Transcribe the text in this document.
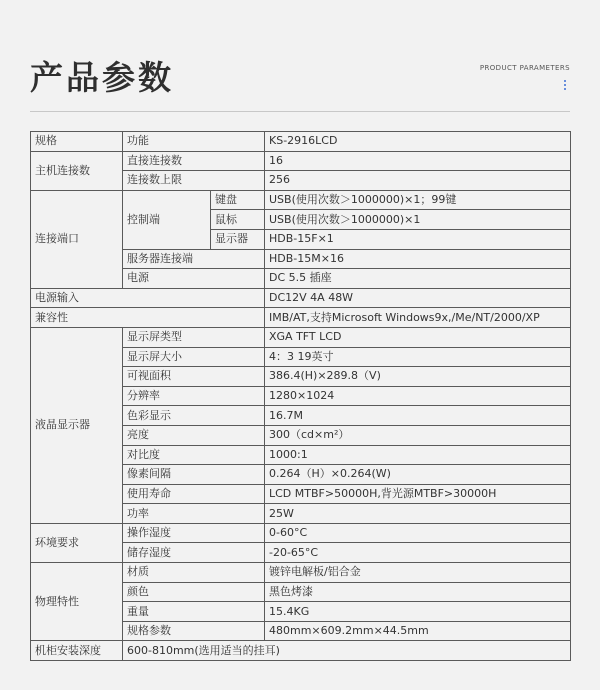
产品参数	PRODUCT PARAMETERS
规格	功能		KS-2916LCD
主机连接数	直接连接数		16
	连接数上限		256
连接端口	控制端	键盘	USB(使用次数＞1000000)×1；99键
		鼠标	USB(使用次数＞1000000)×1
		显示器	HDB-15F×1
	服务器连接端		HDB-15M×16
	电源		DC 5.5 插座
电源输入			DC12V 4A 48W
兼容性			IMB/AT,支持Microsoft Windows9x,/Me/NT/2000/XP
液晶显示器	显示屏类型		XGA TFT LCD
	显示屏大小		4：3 19英寸
	可视面积		386.4(H)×289.8（V)
	分辨率		1280×1024
	色彩显示		16.7M
	亮度		300（cd×m²）
	对比度		1000:1
	像素间隔		0.264（H）×0.264(W)
	使用寿命		LCD MTBF>50000H,背光源MTBF>30000H
	功率		25W
环境要求	操作湿度		0-60°C
	储存湿度		-20-65°C
物理特性	材质		镀锌电解板/铝合金
	颜色		黑色烤漆
	重量		15.4KG
	规格参数		480mm×609.2mm×44.5mm
机柜安装深度	600-810mm(选用适当的挂耳)		
